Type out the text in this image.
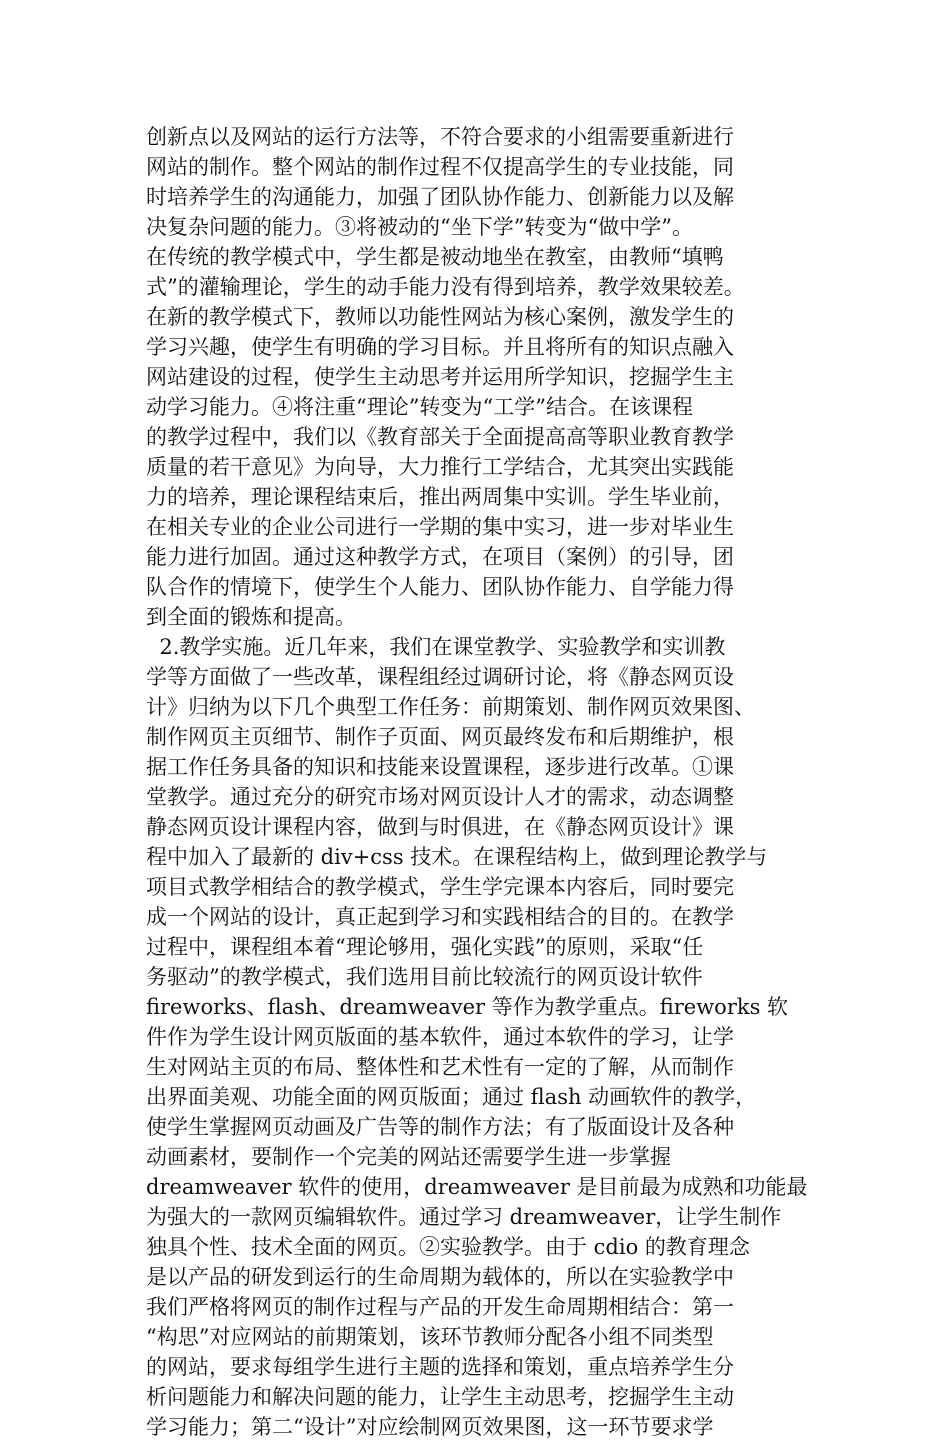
创新点以及网站的运行方法等，不符合要求的小组需要重新进行
网站的制作。整个网站的制作过程不仅提高学生的专业技能，同
时培养学生的沟通能力，加强了团队协作能力、创新能力以及解
决复杂问题的能力。③将被动的“坐下学”转变为“做中学”。
在传统的教学模式中，学生都是被动地坐在教室，由教师“填鸭
式”的灌输理论，学生的动手能力没有得到培养，教学效果较差。
在新的教学模式下，教师以功能性网站为核心案例，激发学生的
学习兴趣，使学生有明确的学习目标。并且将所有的知识点融入
网站建设的过程，使学生主动思考并运用所学知识，挖掘学生主
动学习能力。④将注重“理论”转变为“工学”结合。在该课程
的教学过程中，我们以《教育部关于全面提高高等职业教育教学
质量的若干意见》为向导，大力推行工学结合，尤其突出实践能
力的培养，理论课程结束后，推出两周集中实训。学生毕业前，
在相关专业的企业公司进行一学期的集中实习，进一步对毕业生
能力进行加固。通过这种教学方式，在项目（案例）的引导，团
队合作的情境下，使学生个人能力、团队协作能力、自学能力得
到全面的锻炼和提高。
2.教学实施。近几年来，我们在课堂教学、实验教学和实训教
学等方面做了一些改革，课程组经过调研讨论，将《静态网页设
计》归纳为以下几个典型工作任务：前期策划、制作网页效果图、
制作网页主页细节、制作子页面、网页最终发布和后期维护，根
据工作任务具备的知识和技能来设置课程，逐步进行改革。①课
堂教学。通过充分的研究市场对网页设计人才的需求，动态调整
静态网页设计课程内容，做到与时俱进，在《静态网页设计》课
程中加入了最新的 div+css 技术。在课程结构上，做到理论教学与
项目式教学相结合的教学模式，学生学完课本内容后，同时要完
成一个网站的设计，真正起到学习和实践相结合的目的。在教学
过程中，课程组本着“理论够用，强化实践”的原则，采取“任
务驱动”的教学模式，我们选用目前比较流行的网页设计软件
fireworks、flash、dreamweaver 等作为教学重点。fireworks 软
件作为学生设计网页版面的基本软件，通过本软件的学习，让学
生对网站主页的布局、整体性和艺术性有一定的了解，从而制作
出界面美观、功能全面的网页版面；通过 flash 动画软件的教学，
使学生掌握网页动画及广告等的制作方法；有了版面设计及各种
动画素材，要制作一个完美的网站还需要学生进一步掌握
dreamweaver 软件的使用，dreamweaver 是目前最为成熟和功能最
为强大的一款网页编辑软件。通过学习 dreamweaver，让学生制作
独具个性、技术全面的网页。②实验教学。由于 cdio 的教育理念
是以产品的研发到运行的生命周期为载体的，所以在实验教学中
我们严格将网页的制作过程与产品的开发生命周期相结合：第一
“构思”对应网站的前期策划，该环节教师分配各小组不同类型
的网站，要求每组学生进行主题的选择和策划，重点培养学生分
析问题能力和解决问题的能力，让学生主动思考，挖掘学生主动
学习能力；第二“设计”对应绘制网页效果图，这一环节要求学
